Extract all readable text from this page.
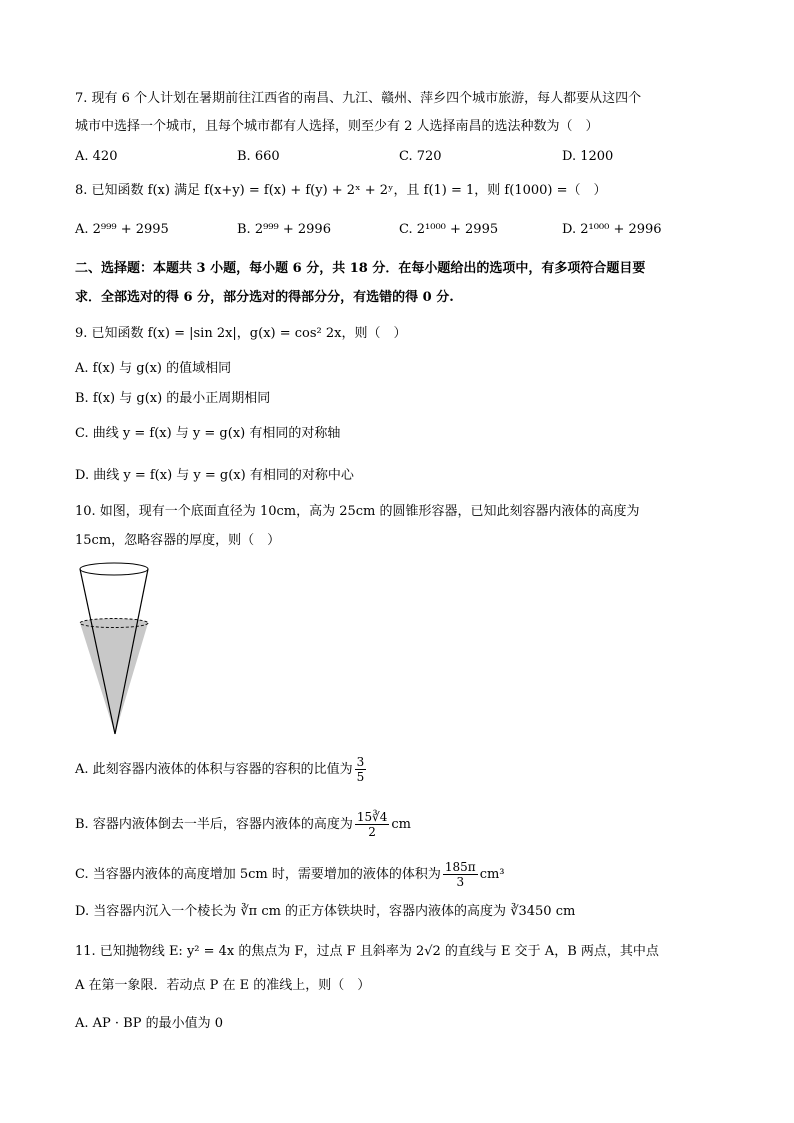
7. 现有 6 个人计划在暑期前往江西省的南昌、九江、赣州、萍乡四个城市旅游，每人都要从这四个
城市中选择一个城市，且每个城市都有人选择，则至少有 2 人选择南昌的选法种数为（　）
A. 420	B. 660	C. 720	D. 1200
8. 已知函数 f(x) 满足 f(x+y) = f(x) + f(y) + 2ˣ + 2ʸ，且 f(1) = 1，则 f(1000) =（　）
A. 2⁹⁹⁹ + 2995	B. 2⁹⁹⁹ + 2996	C. 2¹⁰⁰⁰ + 2995	D. 2¹⁰⁰⁰ + 2996
二、选择题：本题共 3 小题，每小题 6 分，共 18 分．在每小题给出的选项中，有多项符合题目要
求．全部选对的得 6 分，部分选对的得部分分，有选错的得 0 分.
9. 已知函数 f(x) = |sin 2x|，g(x) = cos² 2x，则（　）
A. f(x) 与 g(x) 的值域相同
B. f(x) 与 g(x) 的最小正周期相同
C. 曲线 y = f(x) 与 y = g(x) 有相同的对称轴
D. 曲线 y = f(x) 与 y = g(x) 有相同的对称中心
10. 如图，现有一个底面直径为 10cm，高为 25cm 的圆锥形容器，已知此刻容器内液体的高度为
15cm，忽略容器的厚度，则（　）
A. 此刻容器内液体的体积与容器的容积的比值为 $\frac{3}{5}$
B. 容器内液体倒去一半后，容器内液体的高度为 $\frac{15∛4}{2}$ cm
C. 当容器内液体的高度增加 5cm 时，需要增加的液体的体积为 $\frac{185\pi}{3} cm^3$
D. 当容器内沉入一个棱长为 ∛π cm 的正方体铁块时，容器内液体的高度为 ∛3450 cm
11. 已知抛物线 E: y² = 4x 的焦点为 F，过点 F 且斜率为 2√2 的直线与 E 交于 A，B 两点，其中点
A 在第一象限．若动点 P 在 E 的准线上，则（　）
A. AP · BP 的最小值为 0
